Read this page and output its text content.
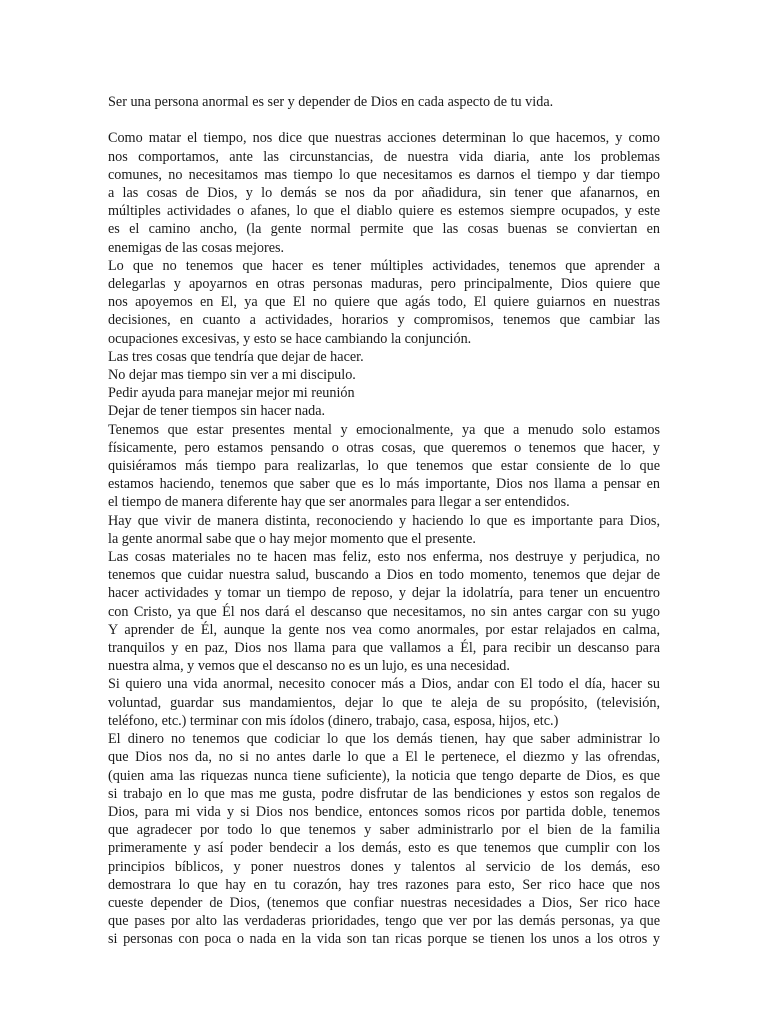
Ser una persona anormal es ser y depender de Dios en cada aspecto de tu vida.
Como matar el tiempo, nos dice que nuestras acciones determinan lo que hacemos, y como
nos comportamos, ante las circunstancias, de nuestra vida diaria, ante los problemas
comunes, no necesitamos mas tiempo lo que necesitamos es darnos el tiempo y dar tiempo
a las cosas de Dios, y lo demás se nos da por añadidura, sin tener que afanarnos, en
múltiples actividades o afanes, lo que el diablo quiere es estemos siempre ocupados, y este
es el camino ancho, (la gente normal permite que las cosas buenas se conviertan en
enemigas de las cosas mejores.
Lo que no tenemos que hacer es tener múltiples actividades, tenemos que aprender a
delegarlas y apoyarnos en otras personas maduras, pero principalmente, Dios quiere que
nos apoyemos en El, ya que El no quiere que agás todo, El quiere guiarnos en nuestras
decisiones, en cuanto a actividades, horarios y compromisos, tenemos que cambiar las
ocupaciones excesivas, y esto se hace cambiando la conjunción.
Las tres cosas que tendría que dejar de hacer.
No dejar mas tiempo sin ver a mi discipulo.
Pedir ayuda para manejar mejor mi reunión
Dejar de tener tiempos sin hacer nada.
Tenemos que estar presentes mental y emocionalmente, ya que a menudo solo estamos
físicamente, pero estamos pensando o otras cosas, que queremos o tenemos que hacer, y
quisiéramos más tiempo para realizarlas, lo que tenemos que estar consiente de lo que
estamos haciendo, tenemos que saber que es lo más importante, Dios nos llama a pensar en
el tiempo de manera diferente hay que ser anormales para llegar a ser entendidos.
Hay que vivir de manera distinta, reconociendo y haciendo lo que es importante para Dios,
la gente anormal sabe que o hay mejor momento que el presente.
Las cosas materiales no te hacen mas feliz, esto nos enferma, nos destruye y perjudica, no
tenemos que cuidar nuestra salud, buscando a Dios en todo momento, tenemos que dejar de
hacer actividades y tomar un tiempo de reposo, y dejar la idolatría, para tener un encuentro
con Cristo, ya que Él nos dará el descanso que necesitamos, no sin antes cargar con su yugo
Y aprender de Él, aunque la gente nos vea como anormales, por estar relajados en calma,
tranquilos y en paz, Dios nos llama para que vallamos a Él, para recibir un descanso para
nuestra alma, y vemos que el descanso no es un lujo, es una necesidad.
Si quiero una vida anormal, necesito conocer más a Dios, andar con El todo el día, hacer su
voluntad, guardar sus mandamientos, dejar lo que te aleja de su propósito, (televisión,
teléfono, etc.) terminar con mis ídolos (dinero, trabajo, casa, esposa, hijos, etc.)
El dinero no tenemos que codiciar lo que los demás tienen, hay que saber administrar lo
que Dios nos da, no si no antes darle lo que a El le pertenece, el diezmo y las ofrendas,
(quien ama las riquezas nunca tiene suficiente), la noticia que tengo departe de Dios, es que
si trabajo en lo que mas me gusta, podre disfrutar de las bendiciones y estos son regalos de
Dios, para mi vida y si Dios nos bendice, entonces somos ricos por partida doble, tenemos
que agradecer por todo lo que tenemos y saber administrarlo por el bien de la familia
primeramente y así poder bendecir a los demás, esto es que tenemos que cumplir con los
principios bíblicos, y poner nuestros dones y talentos al servicio de los demás, eso
demostrara lo que hay en tu corazón, hay tres razones para esto, Ser rico hace que nos
cueste depender de Dios, (tenemos que confiar nuestras necesidades a Dios, Ser rico hace
que pases por alto las verdaderas prioridades, tengo que ver por las demás personas, ya que
si personas con poca o nada en la vida son tan ricas porque se tienen los unos a los otros y
